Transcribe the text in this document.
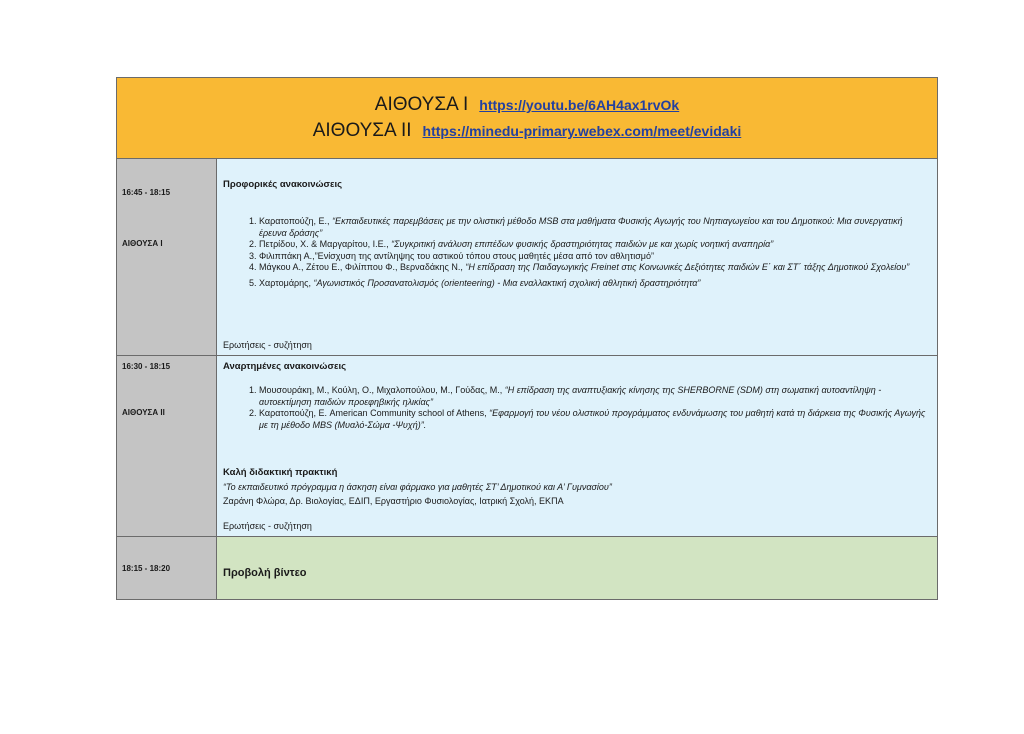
ΑΙΘΟΥΣΑ Ι https://youtu.be/6AH4ax1rvOk
ΑΙΘΟΥΣΑ ΙΙ https://minedu-primary.webex.com/meet/evidaki
16:45 - 18:15
ΑΙΘΟΥΣΑ Ι
Προφορικές ανακοινώσεις
1. Καρατοπούζη, Ε., “Εκπαιδευτικές παρεμβάσεις με την ολιστική μέθοδο MSB στα μαθήματα Φυσικής Αγωγής του Νηπιαγωγείου και του Δημοτικού: Μια συνεργατική έρευνα δράσης”
2. Πετρίδου, Χ. & Μαργαρίτου, Ι.Ε., “Συγκριτική ανάλυση επιπέδων φυσικής δραστηριότητας παιδιών με και χωρίς νοητική αναπηρία”
3. Φιλιππάκη Α.,”Ενίσχυση της αντίληψης του αστικού τόπου στους μαθητές μέσα από τον αθλητισμό”
4. Μάγκου Α., Ζέτου Ε., Φιλίππου Φ., Βερναδάκης Ν., “Η επίδραση της Παιδαγωγικής Freinet στις Κοινωνικές Δεξιότητες παιδιών Ε΄ και ΣΤ΄ τάξης Δημοτικού Σχολείου”
5. Χαρτομάρης, “Αγωνιστικός Προσανατολισμός (orienteering) - Μια εναλλακτική σχολική αθλητική δραστηριότητα”
Ερωτήσεις - συζήτηση
16:30 - 18:15
ΑΙΘΟΥΣΑ ΙΙ
Αναρτημένες ανακοινώσεις
1. Μουσουράκη, Μ., Κούλη, Ο., Μιχαλοπούλου, Μ., Γούδας, Μ., “Η επίδραση της αναπτυξιακής κίνησης της SHERBORNE (SDM) στη σωματική αυτοαντίληψη - αυτοεκτίμηση παιδιών προεφηβικής ηλικίας”
2. Καρατοπούζη, Ε. American Community school of Athens, “Εφαρμογή του νέου ολιστικού προγράμματος ενδυνάμωσης του μαθητή κατά τη διάρκεια της Φυσικής Αγωγής με τη μέθοδο MBS (Μυαλό-Σώμα -Ψυχή)”.
Καλή διδακτική πρακτική
“Το εκπαιδευτικό πρόγραμμα η άσκηση είναι φάρμακο για μαθητές ΣΤ’ Δημοτικού και Α’ Γυμνασίου”
Ζαράνη Φλώρα, Δρ. Βιολογίας, ΕΔΙΠ, Εργαστήριο Φυσιολογίας, Ιατρική Σχολή, ΕΚΠΑ
Ερωτήσεις - συζήτηση
18:15 - 18:20	Προβολή βίντεο
